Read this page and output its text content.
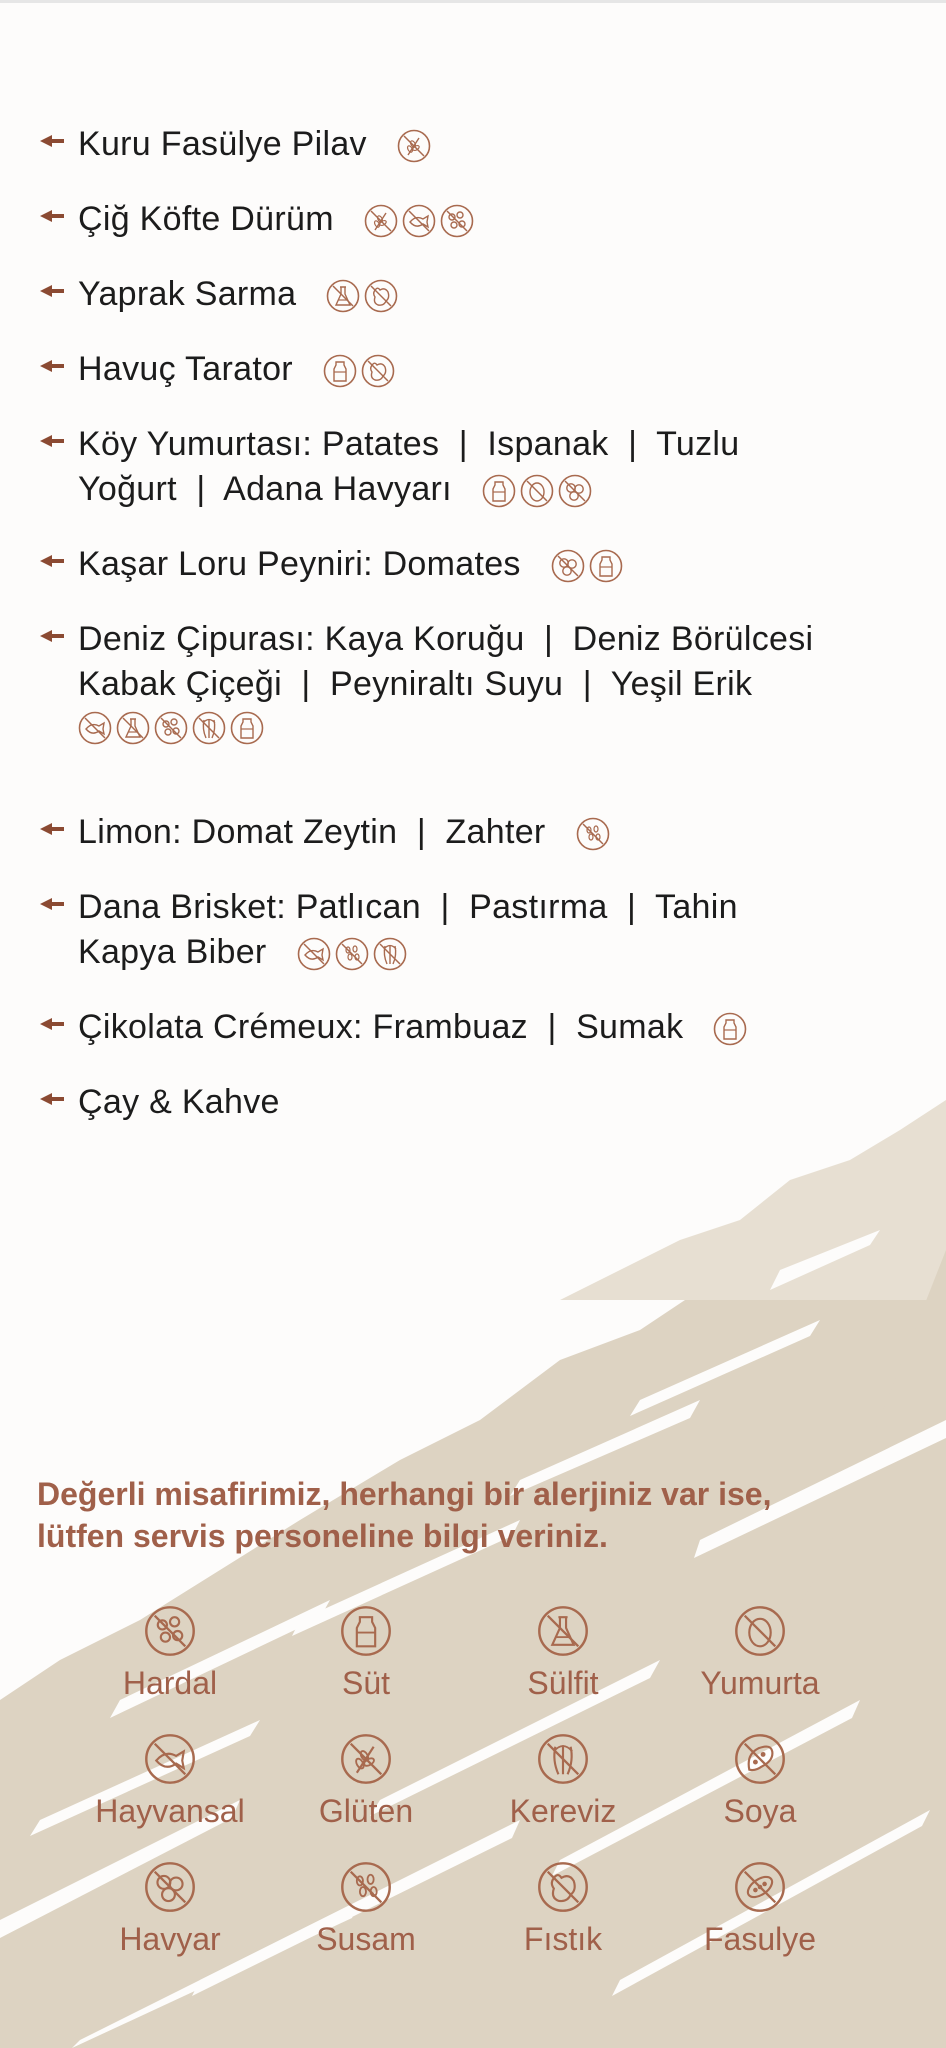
Kuru Fasülye Pilav
Çiğ Köfte Dürüm
Yaprak Sarma
Havuç Tarator
Köy Yumurtası: Patates  |  Ispanak  |  Tuzlu
Yoğurt  |  Adana Havyarı
Kaşar Loru Peyniri: Domates
Deniz Çipurası: Kaya Koruğu  |  Deniz Börülcesi
Kabak Çiçeği  |  Peyniraltı Suyu  |  Yeşil Erik
Limon: Domat Zeytin  |  Zahter
Dana Brisket: Patlıcan  |  Pastırma  |  Tahin
Kapya Biber
Çikolata Crémeux: Frambuaz  |  Sumak
Çay & Kahve
Değerli misafirimiz, herhangi bir alerjiniz var ise,
lütfen servis personeline bilgi veriniz.
Hardal	Süt	Sülfit	Yumurta
Hayvansal	Glüten	Kereviz	Soya
Havyar	Susam	Fıstık	Fasulye
